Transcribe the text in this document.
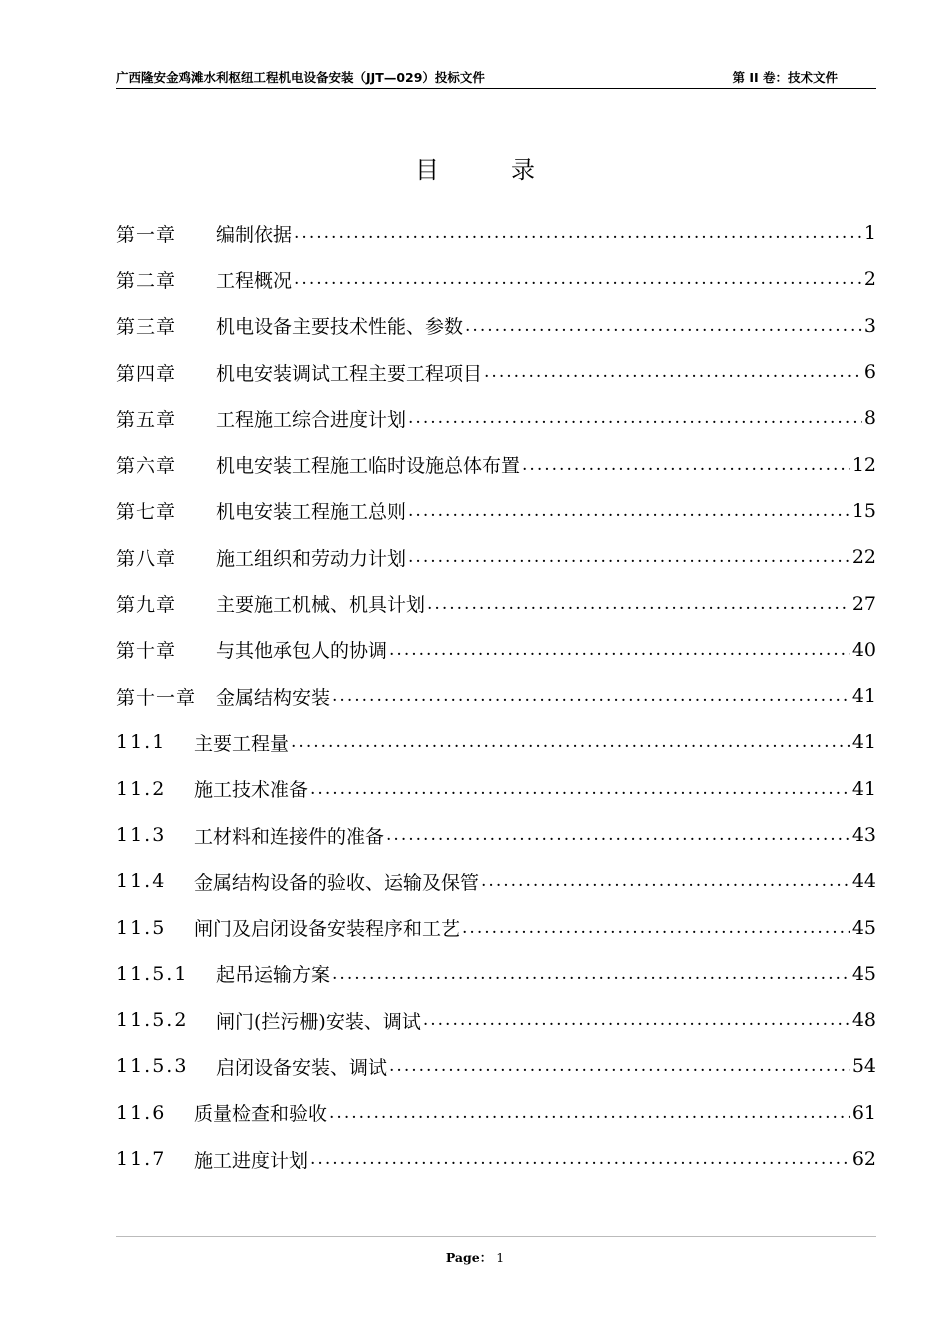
广西隆安金鸡滩水利枢纽工程机电设备安装（JJT—029）投标文件	第 II 卷：技术文件
目	录
第一章	编制依据 .....	1
第二章	工程概况 .....	2
第三章	机电设备主要技术性能、参数 .....	3
第四章	机电安装调试工程主要工程项目 .....	6
第五章	工程施工综合进度计划 .....	8
第六章	机电安装工程施工临时设施总体布置 .....	12
第七章	机电安装工程施工总则 .....	15
第八章	施工组织和劳动力计划 .....	22
第九章	主要施工机械、机具计划 .....	27
第十章	与其他承包人的协调 .....	40
第十一章	金属结构安装 .....	41
11.1	主要工程量 .....	41
11.2	施工技术准备 .....	41
11.3	工材料和连接件的准备 .....	43
11.4	金属结构设备的验收、运输及保管 .....	44
11.5	闸门及启闭设备安装程序和工艺 .....	45
11.5.1	起吊运输方案 .....	45
11.5.2	闸门(拦污栅)安装、调试 .....	48
11.5.3	启闭设备安装、调试 .....	54
11.6	质量检查和验收 .....	61
11.7	施工进度计划 .....	62
Page： 1
